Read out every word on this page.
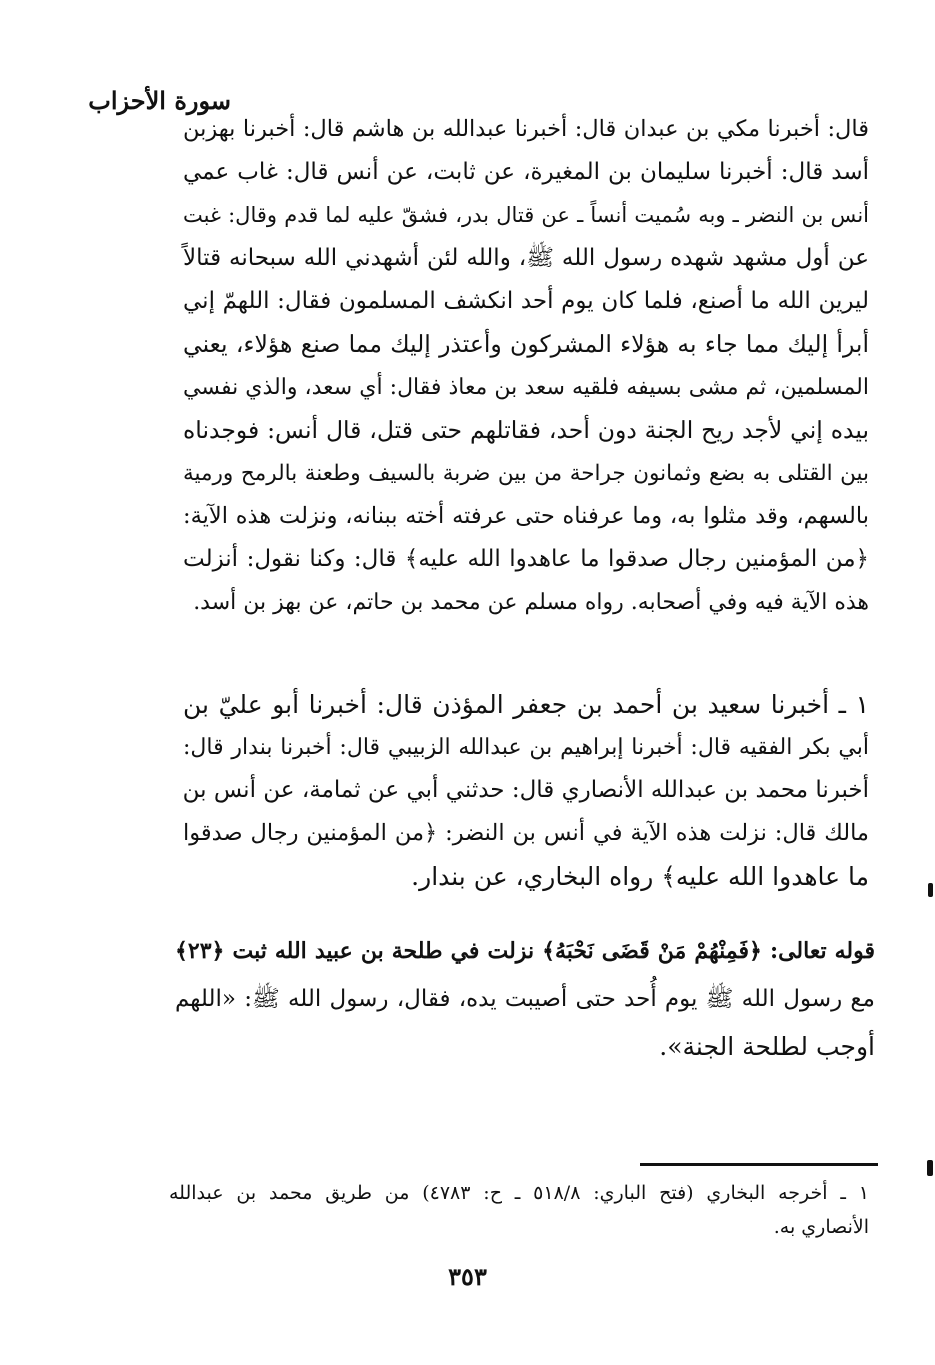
سورة الأحزاب
قال: أخبرنا مكي بن عبدان قال: أخبرنا عبدالله بن هاشم قال: أخبرنا بهزبن
أسد قال: أخبرنا سليمان بن المغيرة، عن ثابت، عن أنس قال: غاب عمي
أنس بن النضر ـ وبه سُميت أنساً ـ عن قتال بدر، فشقّ عليه لما قدم وقال: غبت
عن أول مشهد شهده رسول الله ﷺ، والله لئن أشهدني الله سبحانه قتالاً
ليرين الله ما أصنع، فلما كان يوم أحد انكشف المسلمون فقال: اللهمّ إني
أبرأ إليك مما جاء به هؤلاء المشركون وأعتذر إليك مما صنع هؤلاء، يعني
المسلمين، ثم مشى بسيفه فلقيه سعد بن معاذ فقال: أي سعد، والذي نفسي
بيده إني لأجد ريح الجنة دون أحد، فقاتلهم حتى قتل، قال أنس: فوجدناه
بين القتلى به بضع وثمانون جراحة من بين ضربة بالسيف وطعنة بالرمح ورمية
بالسهم، وقد مثلوا به، وما عرفناه حتى عرفته أخته ببنانه، ونزلت هذه الآية:
﴿من المؤمنين رجال صدقوا ما عاهدوا الله عليه﴾ قال: وكنا نقول: أنزلت
هذه الآية فيه وفي أصحابه. رواه مسلم عن محمد بن حاتم، عن بهز بن أسد.
١ ـ أخبرنا سعيد بن أحمد بن جعفر المؤذن قال: أخبرنا أبو عليّ بن
أبي بكر الفقيه قال: أخبرنا إبراهيم بن عبدالله الزبيبي قال: أخبرنا بندار قال:
أخبرنا محمد بن عبدالله الأنصاري قال: حدثني أبي عن ثمامة، عن أنس بن
مالك قال: نزلت هذه الآية في أنس بن النضر: ﴿من المؤمنين رجال صدقوا
ما عاهدوا الله عليه﴾ رواه البخاري، عن بندار.
قوله تعالى: ﴿فَمِنْهُمْ مَنْ قَضَى نَحْبَهُ﴾ نزلت في طلحة بن عبيد الله ثبت ﴿٢٣﴾
مع رسول الله ﷺ يوم أُحد حتى أصيبت يده، فقال، رسول الله ﷺ: «اللهم
أوجب لطلحة الجنة».
١ ـ أخرجه البخاري (فتح الباري: ٥١٨/٨ ـ ح: ٤٧٨٣) من طريق محمد بن عبدالله
الأنصاري به.
٣٥٣
